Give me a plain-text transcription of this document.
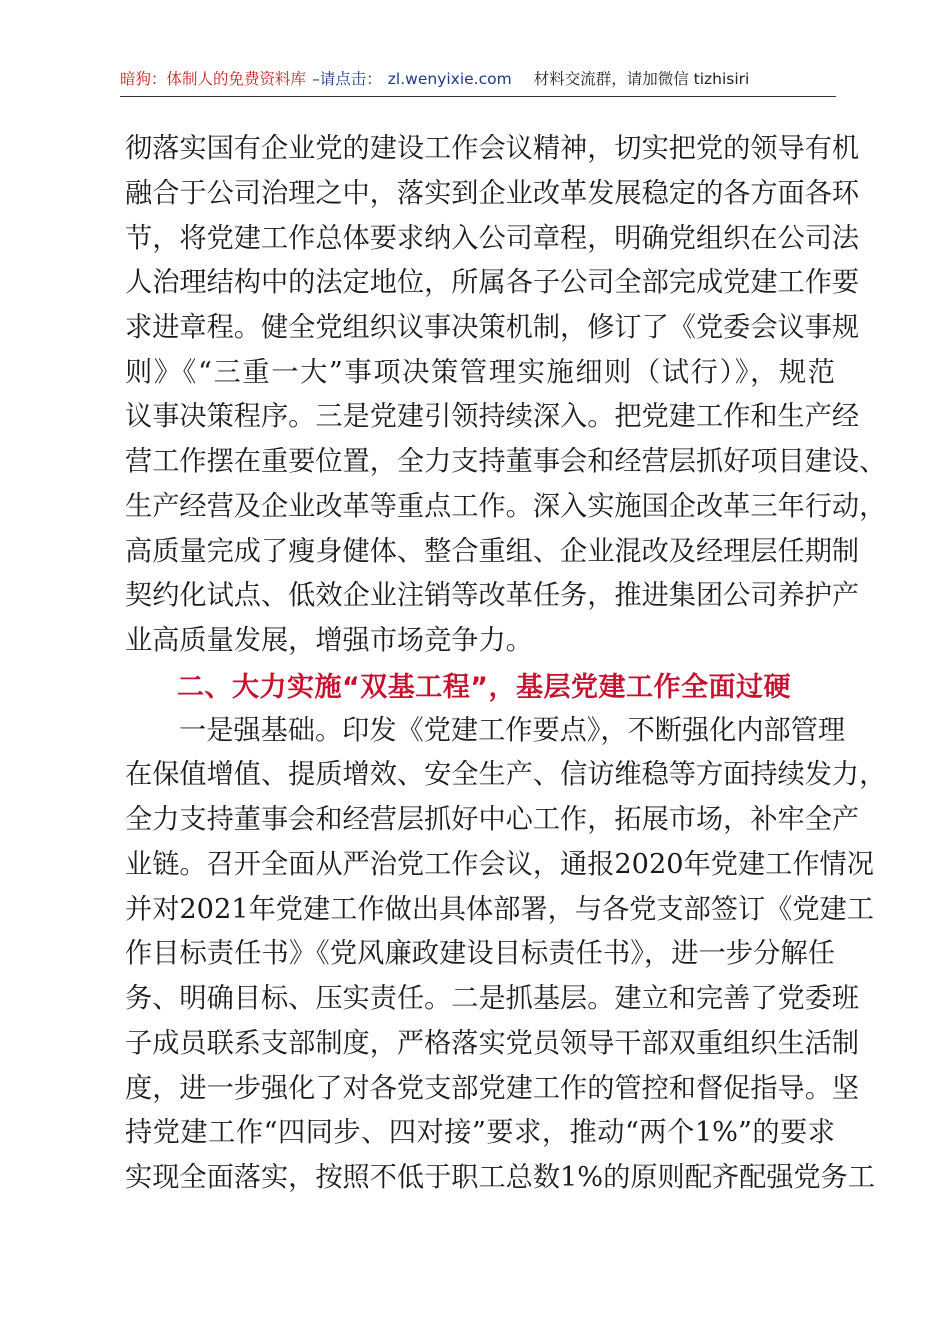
暗狗：体制人的免费资料库 –请点击： zl.wenyixie.com 材料交流群，请加微信 tizhisiri
彻落实国有企业党的建设工作会议精神，切实把党的领导有机
融合于公司治理之中，落实到企业改革发展稳定的各方面各环
节，将党建工作总体要求纳入公司章程，明确党组织在公司法
人治理结构中的法定地位，所属各子公司全部完成党建工作要
求进章程。健全党组织议事决策机制，修订了《党委会议事规
则》《“三重一大”事项决策管理实施细则（试行）》，规范
议事决策程序。三是党建引领持续深入。把党建工作和生产经
营工作摆在重要位置，全力支持董事会和经营层抓好项目建设、
生产经营及企业改革等重点工作。深入实施国企改革三年行动，
高质量完成了瘦身健体、整合重组、企业混改及经理层任期制
契约化试点、低效企业注销等改革任务，推进集团公司养护产
业高质量发展，增强市场竞争力。
二、大力实施“双基工程”，基层党建工作全面过硬
一是强基础。印发《党建工作要点》，不断强化内部管理
在保值增值、提质增效、安全生产、信访维稳等方面持续发力，
全力支持董事会和经营层抓好中心工作，拓展市场，补牢全产
业链。召开全面从严治党工作会议，通报2020年党建工作情况
并对2021年党建工作做出具体部署，与各党支部签订《党建工
作目标责任书》《党风廉政建设目标责任书》，进一步分解任
务、明确目标、压实责任。二是抓基层。建立和完善了党委班
子成员联系支部制度，严格落实党员领导干部双重组织生活制
度，进一步强化了对各党支部党建工作的管控和督促指导。坚
持党建工作“四同步、四对接”要求，推动“两个1%”的要求
实现全面落实，按照不低于职工总数1%的原则配齐配强党务工
